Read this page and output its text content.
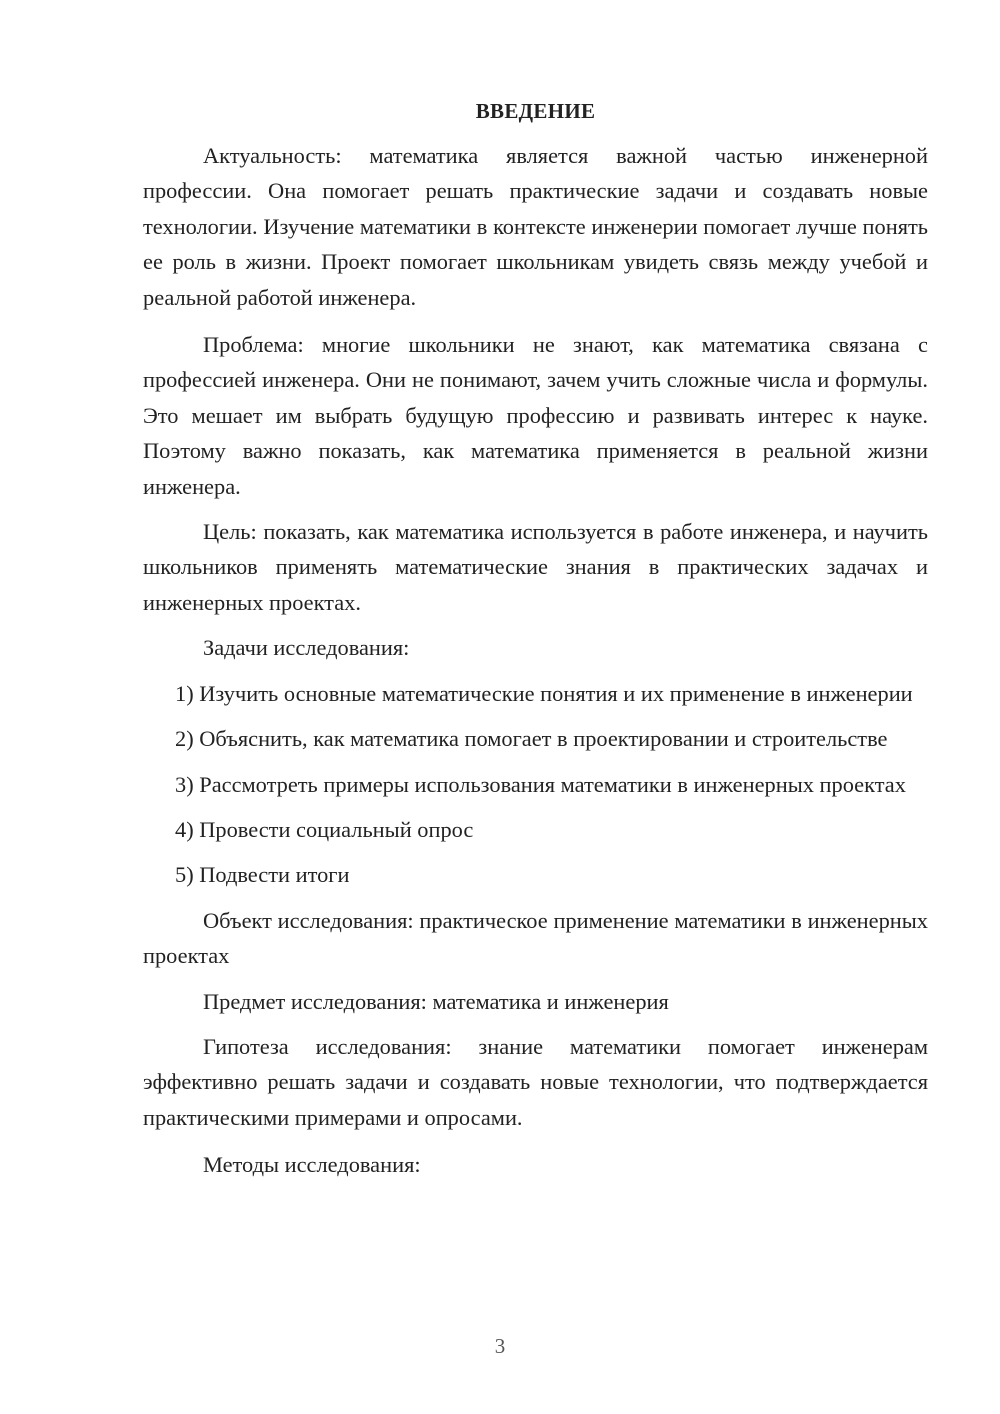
ВВЕДЕНИЕ

Актуальность: математика является важной частью инженерной профессии. Она помогает решать практические задачи и создавать новые технологии. Изучение математики в контексте инженерии помогает лучше понять ее роль в жизни. Проект помогает школьникам увидеть связь между учебой и реальной работой инженера.

Проблема: многие школьники не знают, как математика связана с профессией инженера. Они не понимают, зачем учить сложные числа и формулы. Это мешает им выбрать будущую профессию и развивать интерес к науке. Поэтому важно показать, как математика применяется в реальной жизни инженера.

Цель: показать, как математика используется в работе инженера, и научить школьников применять математические знания в практических задачах и инженерных проектах.

Задачи исследования:

1) Изучить основные математические понятия и их применение в инженерии

2) Объяснить, как математика помогает в проектировании и строительстве

3) Рассмотреть примеры использования математики в инженерных проектах

4) Провести социальный опрос

5) Подвести итоги

Объект исследования: практическое применение математики в инженерных проектах

Предмет исследования: математика и инженерия

Гипотеза исследования: знание математики помогает инженерам эффективно решать задачи и создавать новые технологии, что подтверждается практическими примерами и опросами.

Методы исследования:

3
